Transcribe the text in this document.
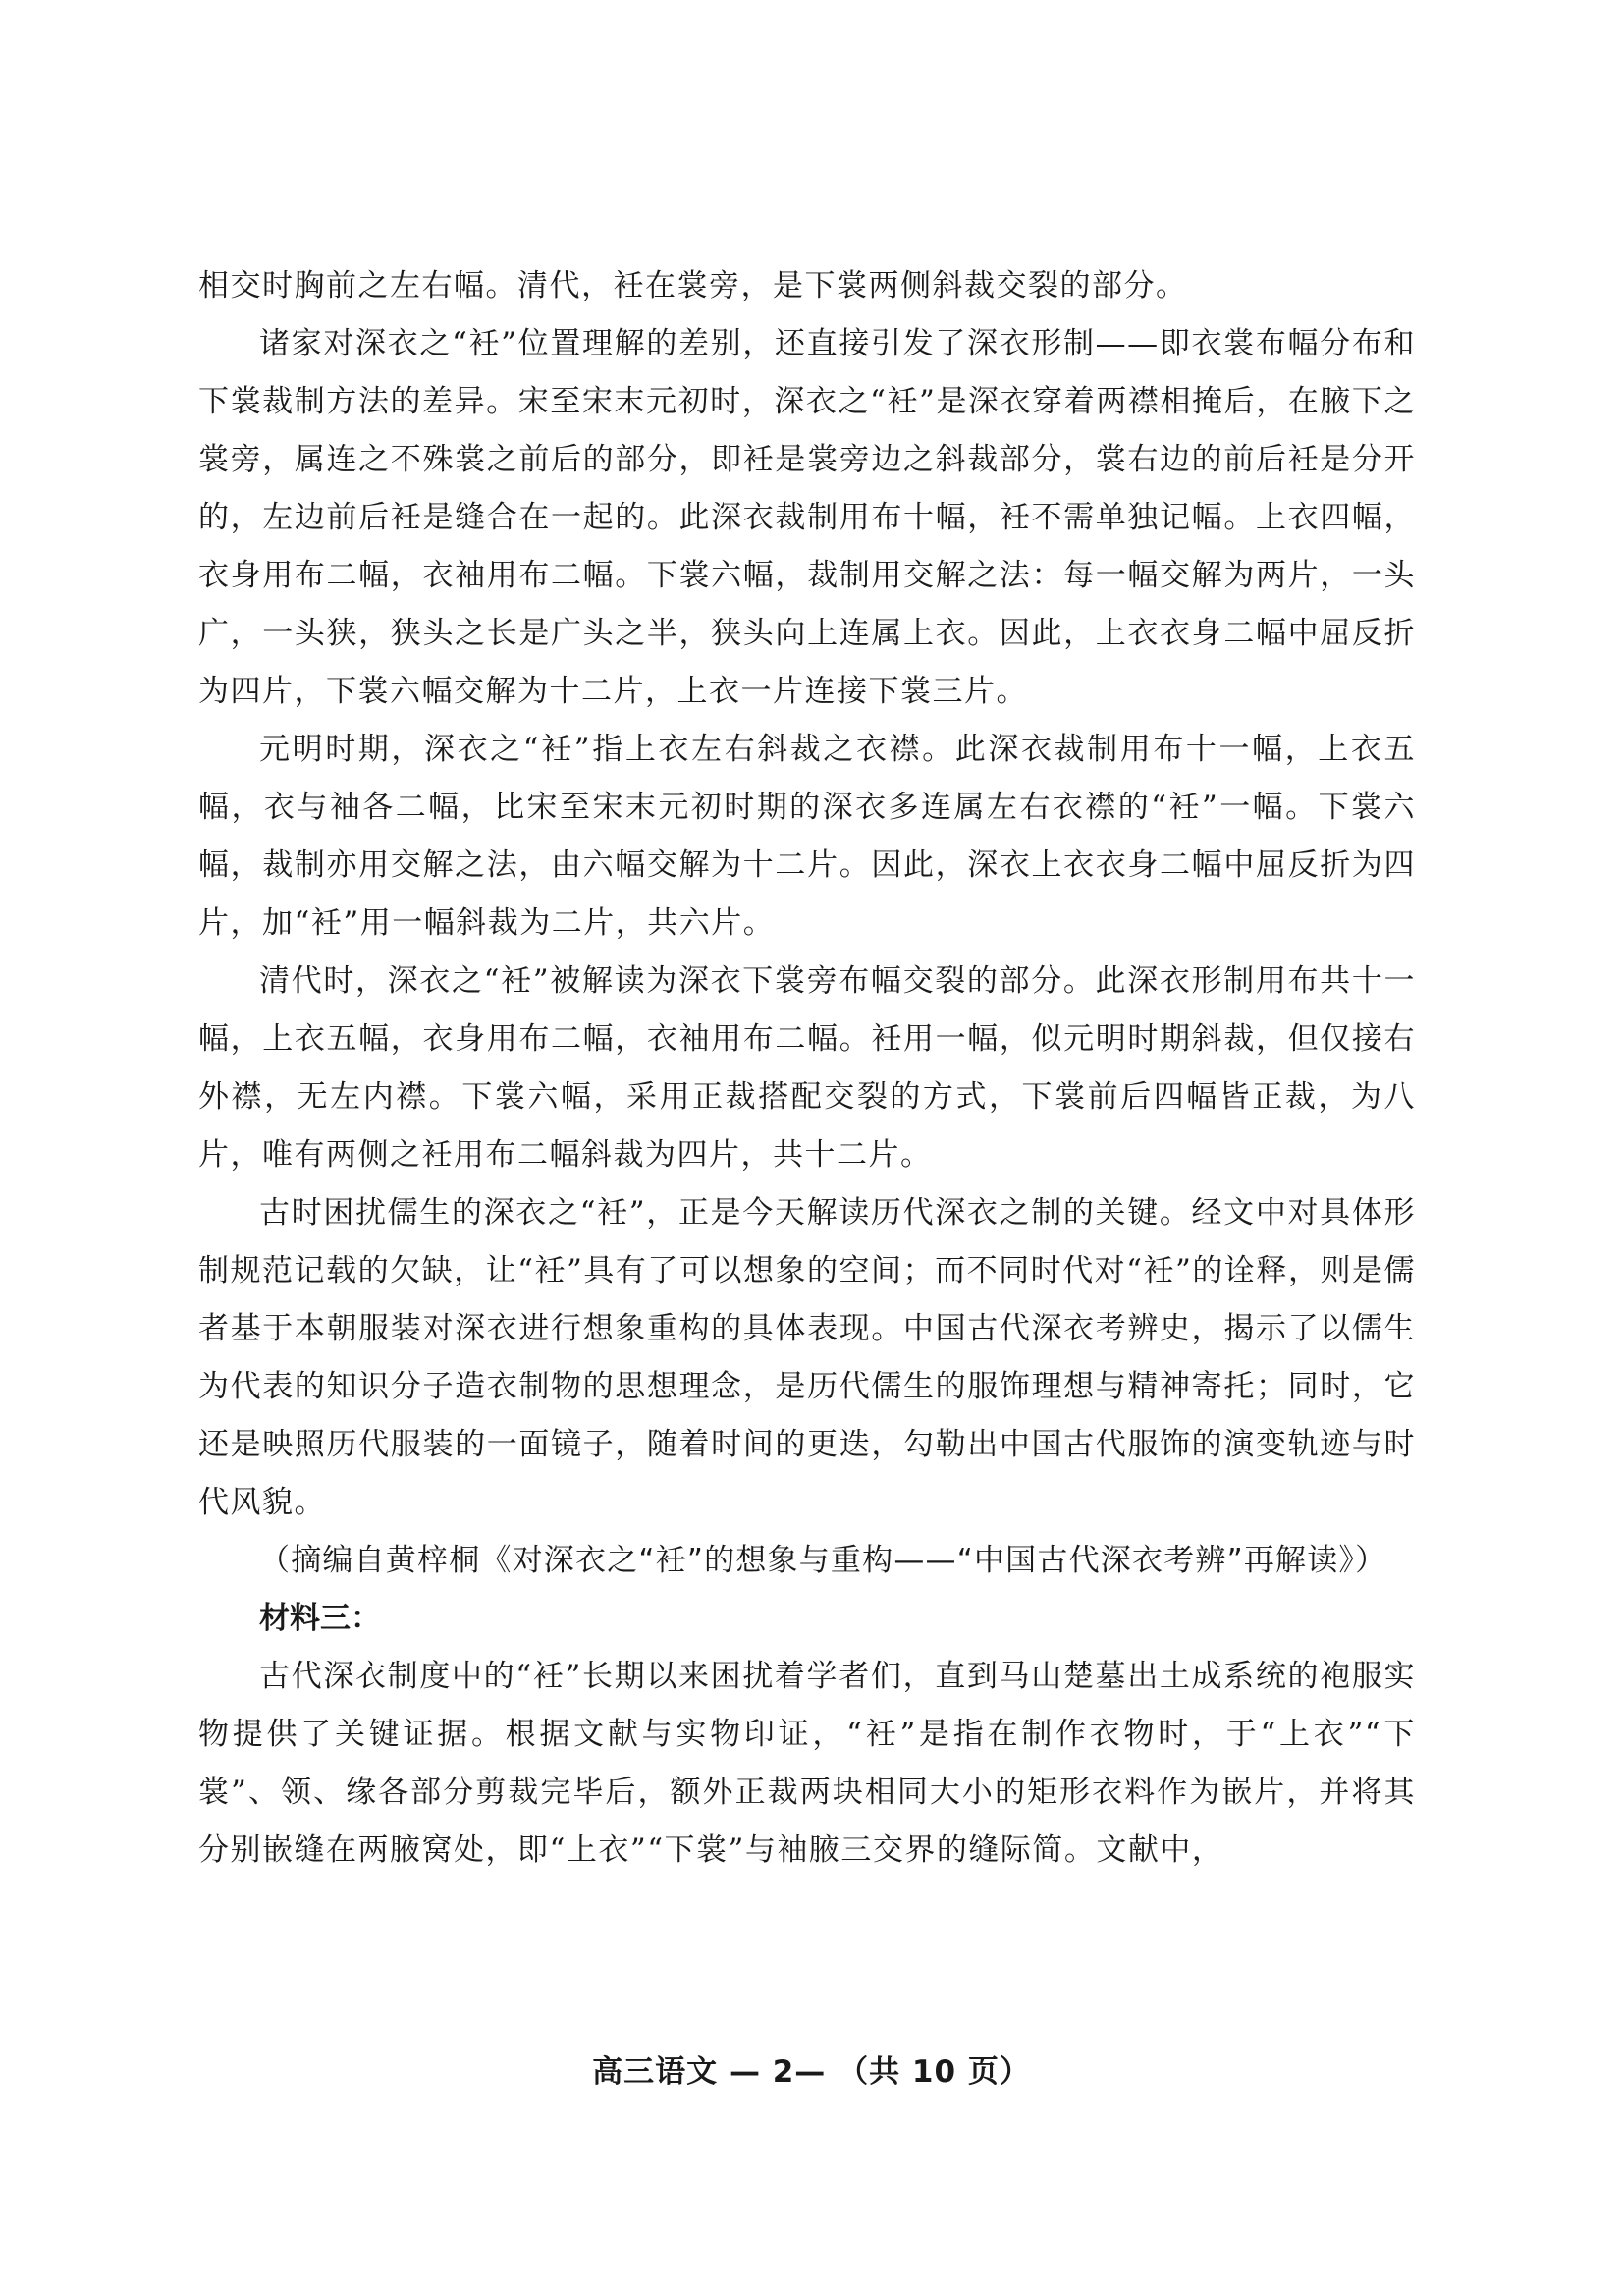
相交时胸前之左右幅。清代，衽在裳旁，是下裳两侧斜裁交裂的部分。

诸家对深衣之“衽”位置理解的差别，还直接引发了深衣形制——即衣裳布幅分布和下裳裁制方法的差异。宋至宋末元初时，深衣之“衽”是深衣穿着两襟相掩后，在腋下之裳旁，属连之不殊裳之前后的部分，即衽是裳旁边之斜裁部分，裳右边的前后衽是分开的，左边前后衽是缝合在一起的。此深衣裁制用布十幅，衽不需单独记幅。上衣四幅，衣身用布二幅，衣袖用布二幅。下裳六幅，裁制用交解之法：每一幅交解为两片，一头广，一头狭，狭头之长是广头之半，狭头向上连属上衣。因此，上衣衣身二幅中屈反折为四片，下裳六幅交解为十二片，上衣一片连接下裳三片。

元明时期，深衣之“衽”指上衣左右斜裁之衣襟。此深衣裁制用布十一幅，上衣五幅，衣与袖各二幅，比宋至宋末元初时期的深衣多连属左右衣襟的“衽”一幅。下裳六幅，裁制亦用交解之法，由六幅交解为十二片。因此，深衣上衣衣身二幅中屈反折为四片，加“衽”用一幅斜裁为二片，共六片。

清代时，深衣之“衽”被解读为深衣下裳旁布幅交裂的部分。此深衣形制用布共十一幅，上衣五幅，衣身用布二幅，衣袖用布二幅。衽用一幅，似元明时期斜裁，但仅接右外襟，无左内襟。下裳六幅，采用正裁搭配交裂的方式，下裳前后四幅皆正裁，为八片，唯有两侧之衽用布二幅斜裁为四片，共十二片。

古时困扰儒生的深衣之“衽”，正是今天解读历代深衣之制的关键。经文中对具体形制规范记载的欠缺，让“衽”具有了可以想象的空间；而不同时代对“衽”的诠释，则是儒者基于本朝服装对深衣进行想象重构的具体表现。中国古代深衣考辨史，揭示了以儒生为代表的知识分子造衣制物的思想理念，是历代儒生的服饰理想与精神寄托；同时，它还是映照历代服装的一面镜子，随着时间的更迭，勾勒出中国古代服饰的演变轨迹与时代风貌。

（摘编自黄梓桐《对深衣之“衽”的想象与重构——“中国古代深衣考辨”再解读》）

材料三：

古代深衣制度中的“衽”长期以来困扰着学者们，直到马山楚墓出土成系统的袍服实物提供了关键证据。根据文献与实物印证，“衽”是指在制作衣物时，于“上衣”“下裳”、领、缘各部分剪裁完毕后，额外正裁两块相同大小的矩形衣料作为嵌片，并将其分别嵌缝在两腋窝处，即“上衣”“下裳”与袖腋三交界的缝际简。文献中，

高三语文 — 2— （共 10 页）
